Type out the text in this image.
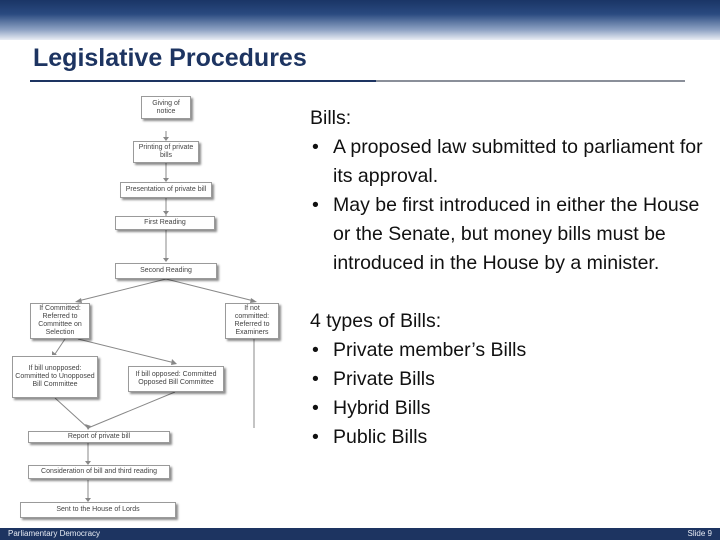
Legislative Procedures
Giving of notice
Printing of private bills
Presentation of private bill
First Reading
Second Reading
If Committed: Referred to Committee on Selection
If not committed: Referred to Examiners
If bill unopposed: Committed to Unopposed Bill Committee
If bill opposed: Committed Opposed Bill Committee
Report of private bill
Consideration of bill and third reading
Sent to the House of Lords
Bills:
• A proposed law submitted to parliament for its approval.
• May be first introduced in either the House or the Senate, but money bills must be introduced in the House by a minister.
4 types of Bills:
• Private member’s Bills
• Private Bills
• Hybrid Bills
• Public Bills
Parliamentary Democracy	Slide 9
